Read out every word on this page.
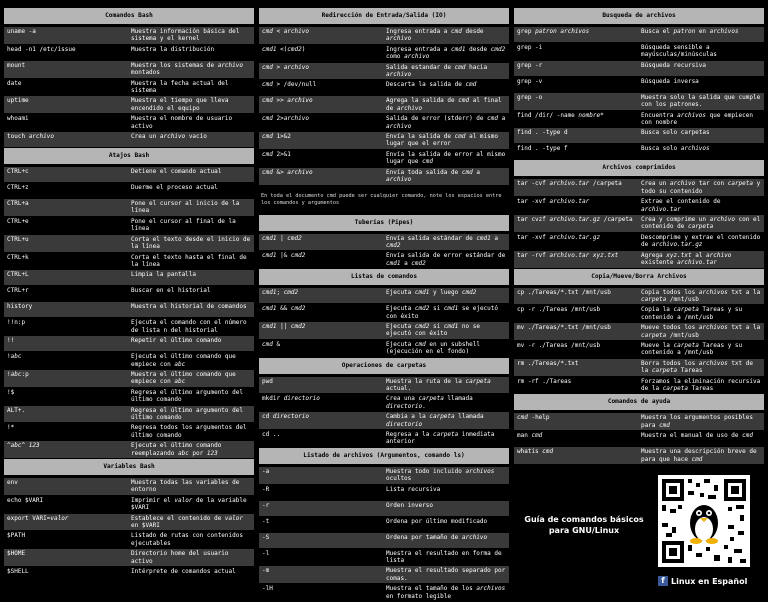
Comandos Bash
uname -a	Muestra información básica del sistema y el kernel
head -n1 /etc/issue	Muestra la distribución
mount	Muestra los sistemas de archivo montados
date	Muestra la fecha actual del sistema
uptime	Muestra el tiempo que lleva encendido el equipo
whoami	Muestra el nombre de usuario activo
touch archivo	Crea un archivo vacío
Atajos Bash
CTRL+c	Detiene el comando actual
CTRL+z	Duerme el proceso actual
CTRL+a	Pone el cursor al inicio de la línea
CTRL+e	Pone el cursor al final de la línea
CTRL+u	Corta el texto desde el inicio de la línea
CTRL+k	Corta el texto hasta el final de la línea
CTRL+L	Limpia la pantalla
CTRL+r	Buscar en el historial
history	Muestra el historial de comandos
!!n:p	Ejecuta el comando con el número de lista n del historial
!!	Repetir el último comando
!abc	Ejecuta el último comando que empiece con abc
!abc:p	Muestra el último comando que empiece con abc
!$	Regresa el último argumento del último comando
ALT+.	Regresa el último argumento del último comando
!*	Regresa todos los argumentos del último comando
^abc^ 123	Ejecuta el último comando reemplazando abc por 123
Variables Bash
env	Muestra todas las variables de entorno
echo $VARI	Imprimir el valor de la variable $VARI
export VARI=valor	Establece el contenido de valor en $VARI
$PATH	Listado de rutas con contenidos ejecutables
$HOME	Directorio home del usuario activo
$SHELL	Intérprete de comandos actual
Redirección de Entrada/Salida (IO)
cmd < archivo	Ingresa entrada a cmd desde archivo
cmd1 <(cmd2)	Ingresa entrada a cmd1 desde cmd2 como archivo
cmd > archivo	Salida estandar de cmd hacia archivo
cmd > /dev/null	Descarta la salida de cmd
cmd >> archivo	Agrega la salida de cmd al final de archivo
cmd 2>archivo	Salida de error (stderr) de cmd a archivo
cmd 1>&2	Envía la salida de cmd al mismo lugar que el error
cmd 2>&1	Envía la salida de error al mismo lugar que cmd
cmd &> archivo	Envía toda salida de cmd a archivo
En toda el documento cmd puede ser cualquier comando, note los espacios entre los comandos y argumentos
Tuberías (Pipes)
cmd1 | cmd2	Envía salida estándar de cmd1 a cmd2
cmd1 |& cmd2	Envía salida de error estándar de cmd1 a cmd2
Listas de comandos
cmd1; cmd2	Ejecuta cmd1 y luego cmd2
cmd1 && cmd2	Ejecuta cmd2 si cmd1 se ejecutó con éxito
cmd1 || cmd2	Ejecuta cmd2 si cmd1 no se ejecutó con éxito
cmd &	Ejecuta cmd en un subshell (ejecución en el fondo)
Operaciones de carpetas
pwd	Muestra la ruta de la carpeta actual.
mkdir directorio	Crea una carpeta llamada directorio.
cd directorio	Cambia a la carpeta llamada directorio
cd ..	Regresa a la carpeta inmediata anterior
Listado de archivos (Argumentos, comando ls)
-a	Muestra todo incluido archivos ocultos
-R	Lista recursiva
-r	Orden inverso
-t	Ordena por último modificado
-S	Ordena por tamaño de archivo
-l	Muestra el resultado en forma de lista
-m	Muestra el resultado separado por comas.
-lH	Muestra el tamaño de los archivos en formato legible
Busqueda de archivos
grep patron archivos	Busca el patron en archivos
grep -i	Búsqueda sensible a mayúsculas/minúsculas
grep -r	Búsqueda recursiva
grep -v	Búsqueda inversa
grep -o	Muestra solo la salida que cumple con los patrones.
find /dir/ -name nombre*	Encuentra archivos que empiecen con nombre
find . -type d	Busca solo carpetas
find . -type f	Busca solo archivos
Archivos comprimidos
tar -cvf archivo.tar /carpeta	Crea un archivo tar con carpeta y todo su contenido
tar -xvf archivo.tar	Extrae el contenido de archivo.tar
tar cvzf archivo.tar.gz /carpeta	Crea y comprime un archivo con el contenido de carpeta
tar -xvf archivo.tar.gz	Descomprime y extrae el contenido de archivo.tar.gz
tar -rvf archivo.tar xyz.txt	Agrega xyz.txt al archivo existente archivo.tar
Copia/Mueve/Borra Archivos
cp ./Tareas/*.txt /mnt/usb	Copia todos los archivos txt a la carpeta /mnt/usb
cp -r ./Tareas /mnt/usb	Copia la carpeta Tareas y su contenido a /mnt/usb
mv ./Tareas/*.txt /mnt/usb	Mueve todos los archivos txt a la carpeta /mnt/usb
mv -r ./Tareas /mnt/usb	Mueve la carpeta Tareas y su contenido a /mnt/usb
rm ./Tareas/*.txt	Borra todos los archivos txt de la carpeta Tareas
rm -rf ./Tareas	Forzamos la eliminación recursiva de la carpeta Tareas
Comandos de ayuda
cmd -help	Muestra los argumentos posibles para cmd
man cmd	Muestra el manual de uso de cmd
whatis cmd	Muestra una descripción breve de para que hace cmd
Guía de comandos básicos para GNU/Linux
f Linux en Español
